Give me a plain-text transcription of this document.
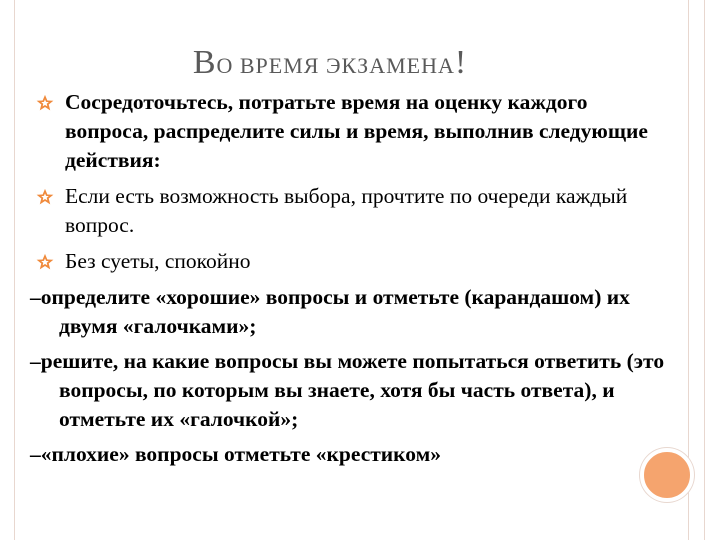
ВО ВРЕМЯ ЭКЗАМЕНА!
Сосредоточьтесь, потратьте время на оценку каждого вопроса, распределите силы и время, выполнив следующие действия:
Если есть возможность выбора, прочтите по очереди каждый вопрос.
Без суеты, спокойно
–определите «хорошие» вопросы и отметьте (карандашом) их двумя «галочками»;
–решите, на какие вопросы вы можете попытаться ответить (это вопросы, по которым вы знаете, хотя бы часть ответа), и отметьте их «галочкой»;
–«плохие» вопросы отметьте «крестиком»
